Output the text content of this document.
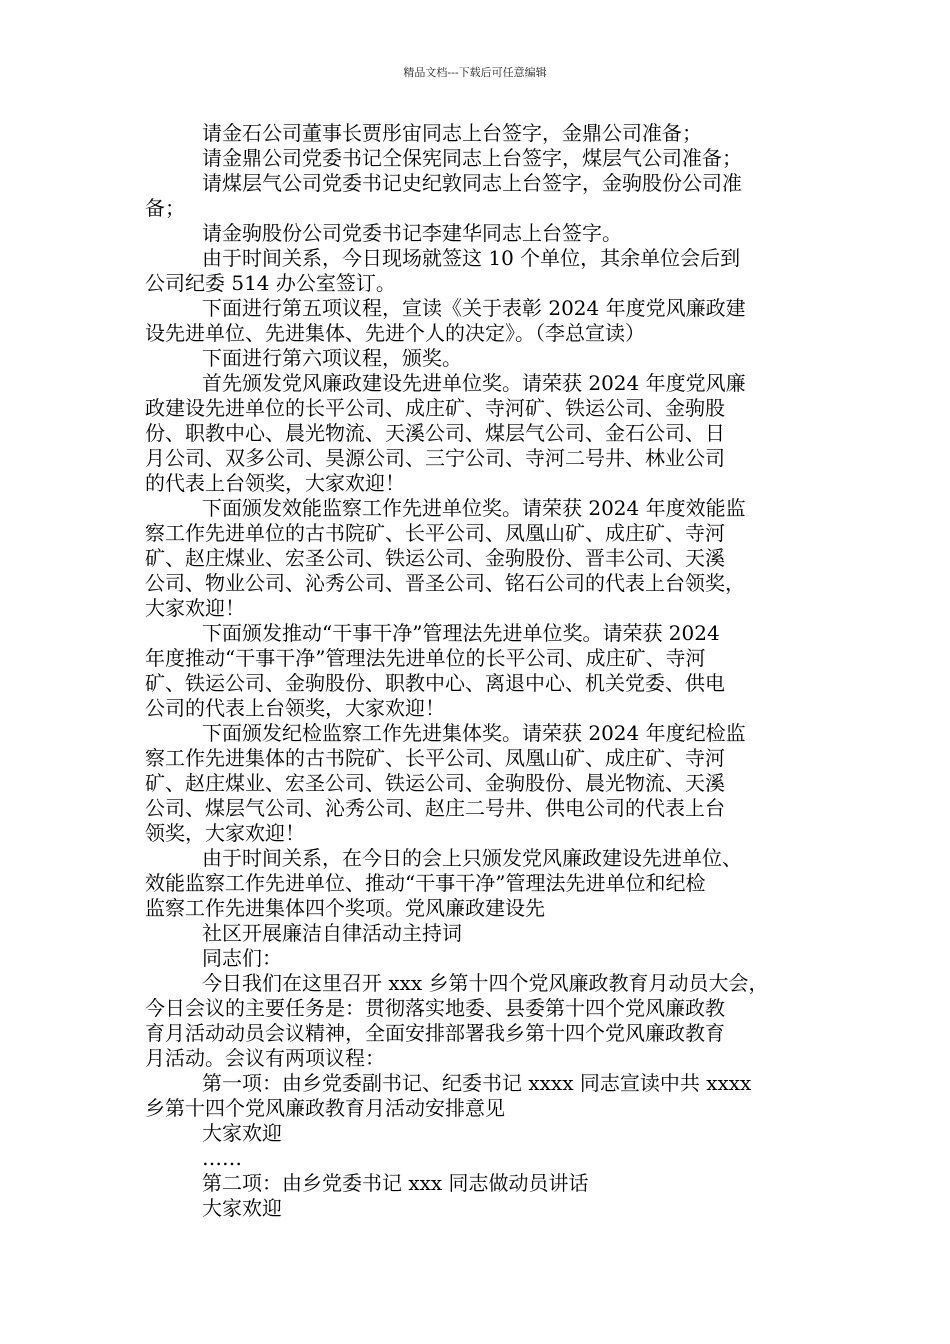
精品文档---下载后可任意编辑
请金石公司董事长贾彤宙同志上台签字，金鼎公司准备；
请金鼎公司党委书记仝保宪同志上台签字，煤层气公司准备；
请煤层气公司党委书记史纪敦同志上台签字，金驹股份公司准
备；
请金驹股份公司党委书记李建华同志上台签字。
由于时间关系，今日现场就签这 10 个单位，其余单位会后到
公司纪委 514 办公室签订。
下面进行第五项议程，宣读《关于表彰 2024 年度党风廉政建
设先进单位、先进集体、先进个人的决定》。（李总宣读）
下面进行第六项议程，颁奖。
首先颁发党风廉政建设先进单位奖。请荣获 2024 年度党风廉
政建设先进单位的长平公司、成庄矿、寺河矿、铁运公司、金驹股
份、职教中心、晨光物流、天溪公司、煤层气公司、金石公司、日
月公司、双多公司、昊源公司、三宁公司、寺河二号井、林业公司
的代表上台领奖，大家欢迎！
下面颁发效能监察工作先进单位奖。请荣获 2024 年度效能监
察工作先进单位的古书院矿、长平公司、凤凰山矿、成庄矿、寺河
矿、赵庄煤业、宏圣公司、铁运公司、金驹股份、晋丰公司、天溪
公司、物业公司、沁秀公司、晋圣公司、铭石公司的代表上台领奖，
大家欢迎！
下面颁发推动“干事干净”管理法先进单位奖。请荣获 2024
年度推动“干事干净”管理法先进单位的长平公司、成庄矿、寺河
矿、铁运公司、金驹股份、职教中心、离退中心、机关党委、供电
公司的代表上台领奖，大家欢迎！
下面颁发纪检监察工作先进集体奖。请荣获 2024 年度纪检监
察工作先进集体的古书院矿、长平公司、凤凰山矿、成庄矿、寺河
矿、赵庄煤业、宏圣公司、铁运公司、金驹股份、晨光物流、天溪
公司、煤层气公司、沁秀公司、赵庄二号井、供电公司的代表上台
领奖，大家欢迎！
由于时间关系，在今日的会上只颁发党风廉政建设先进单位、
效能监察工作先进单位、推动“干事干净”管理法先进单位和纪检
监察工作先进集体四个奖项。党风廉政建设先
社区开展廉洁自律活动主持词
同志们：
今日我们在这里召开 xxx 乡第十四个党风廉政教育月动员大会，
今日会议的主要任务是：贯彻落实地委、县委第十四个党风廉政教
育月活动动员会议精神，全面安排部署我乡第十四个党风廉政教育
月活动。会议有两项议程：
第一项：由乡党委副书记、纪委书记 xxxx 同志宣读中共 xxxx
乡第十四个党风廉政教育月活动安排意见
大家欢迎
……
第二项：由乡党委书记 xxx 同志做动员讲话
大家欢迎
